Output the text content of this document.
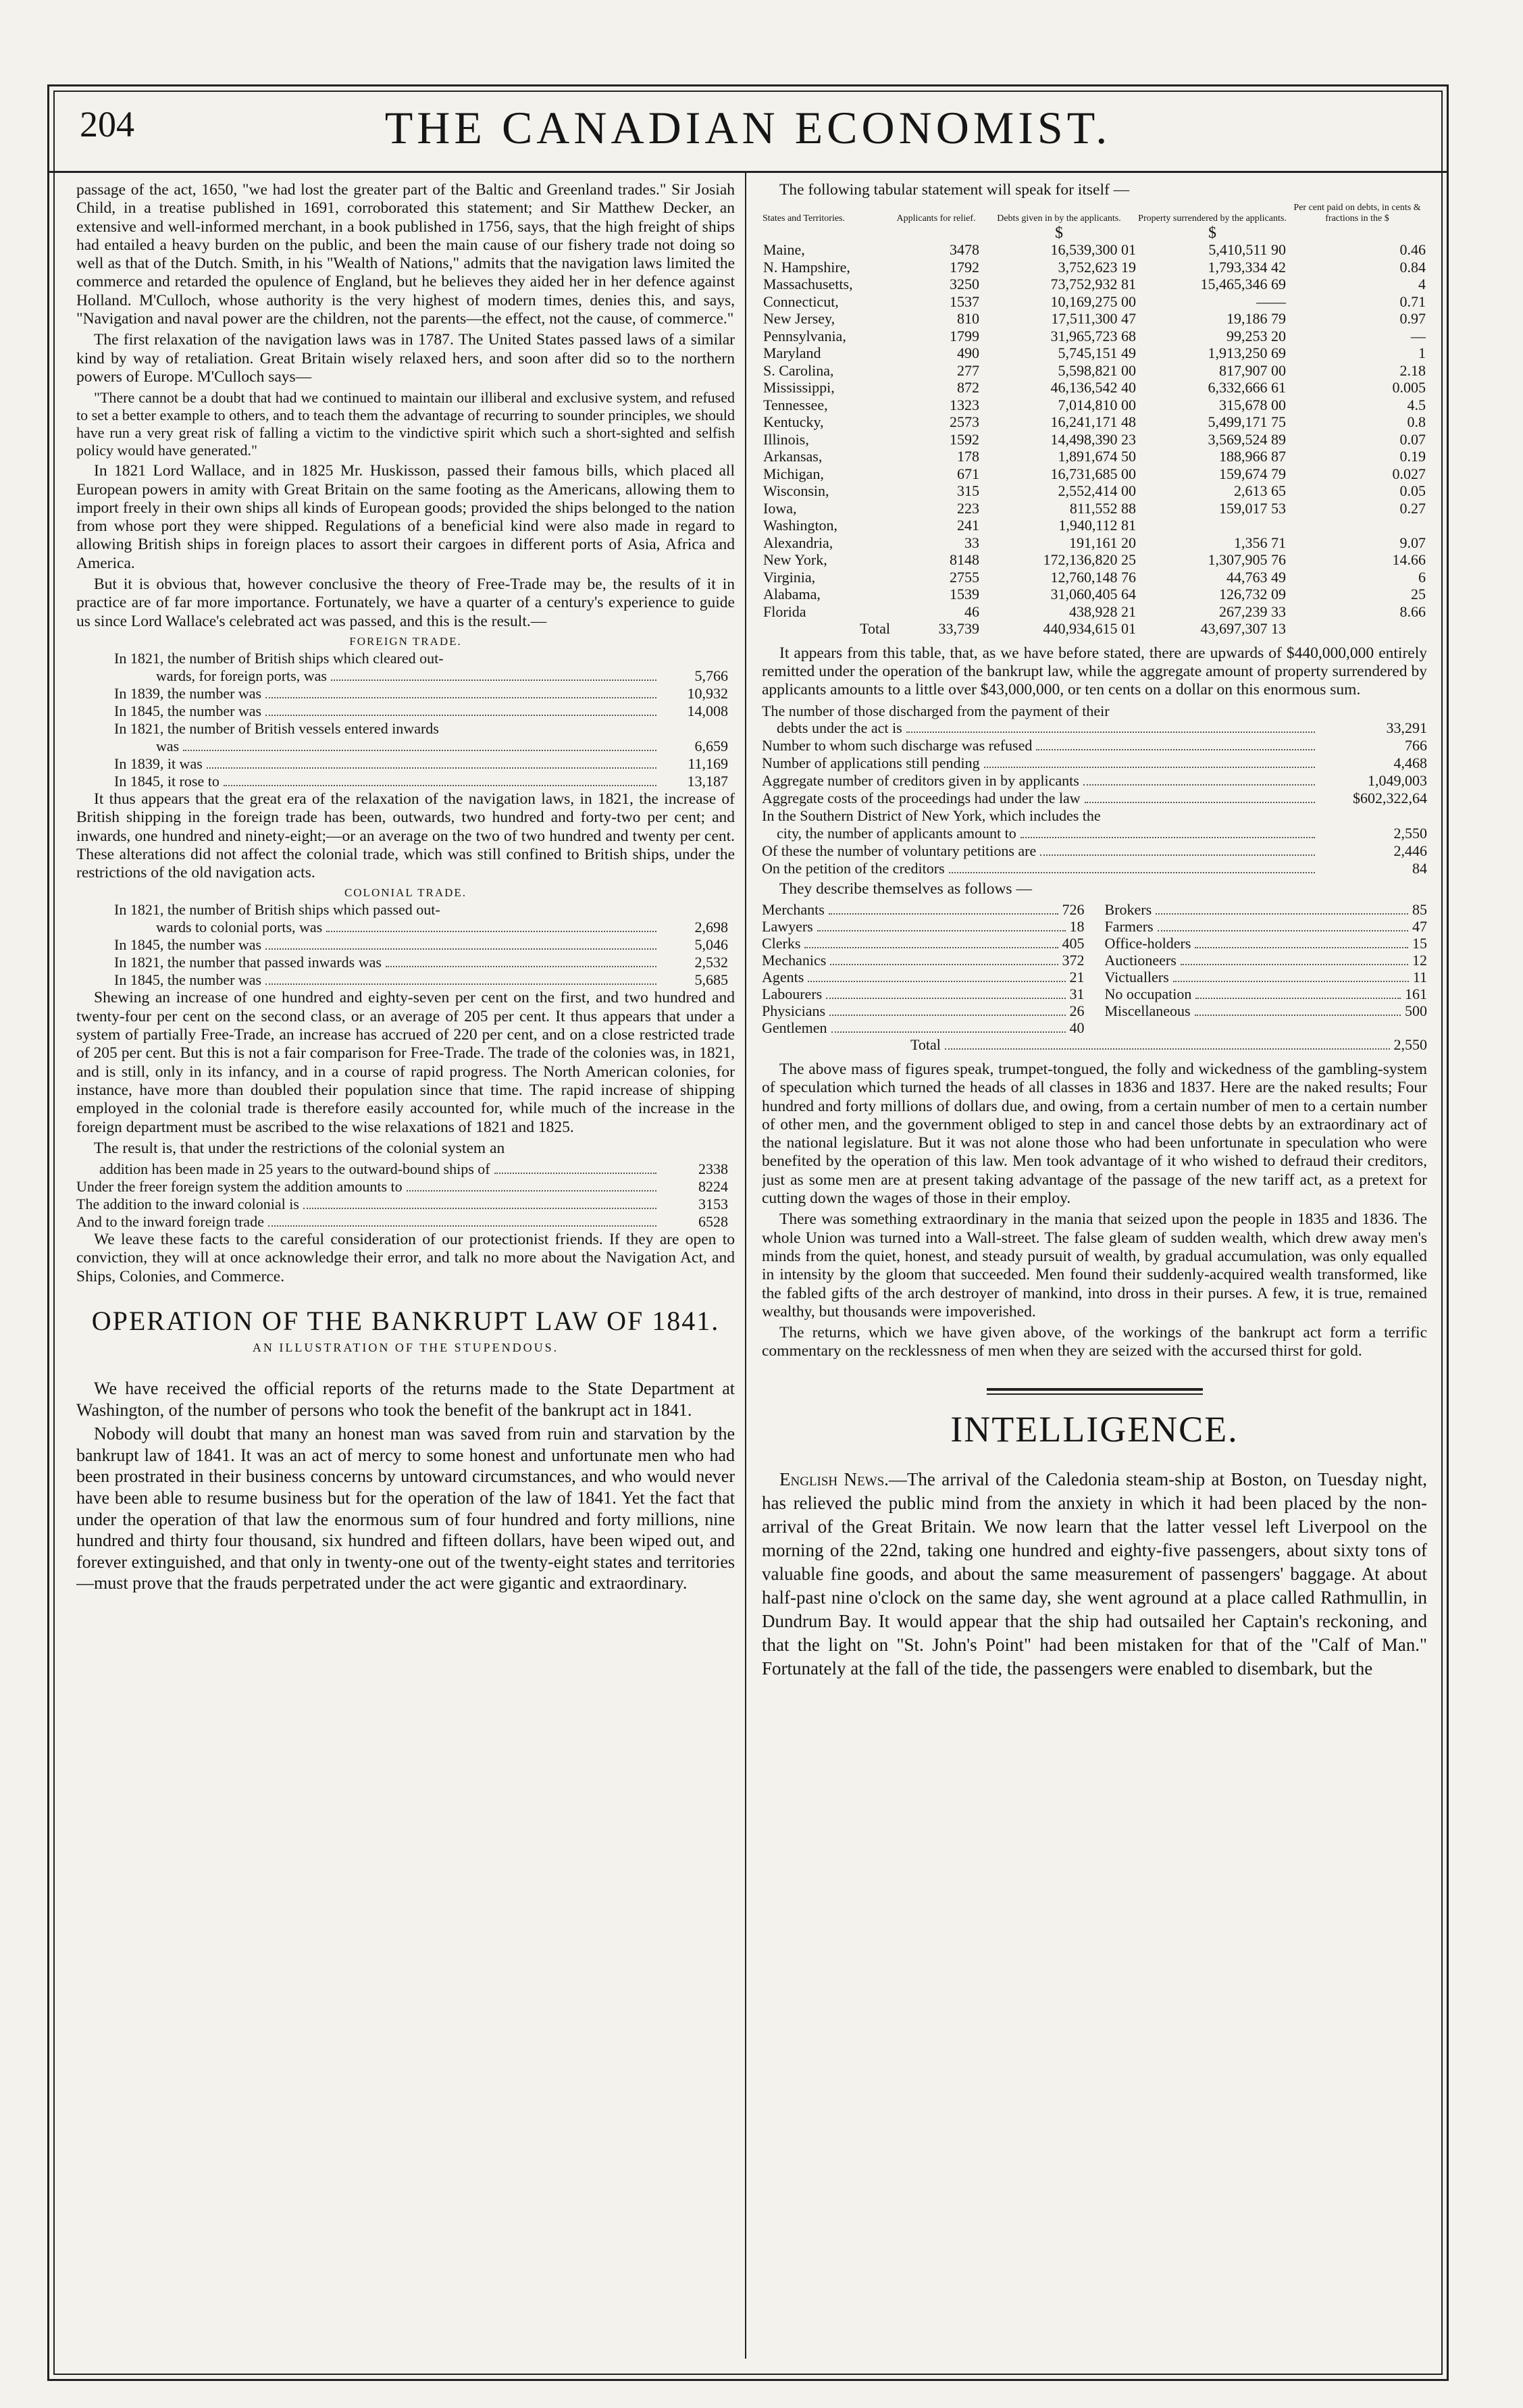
204	THE CANADIAN ECONOMIST.

passage of the act, 1650, "we had lost the greater part of the Baltic and Greenland trades." Sir Josiah Child, in a treatise published in 1691, corroborated this statement; and Sir Matthew Decker, an extensive and well-informed merchant, in a book published in 1756, says, that the high freight of ships had entailed a heavy burden on the public, and been the main cause of our fishery trade not doing so well as that of the Dutch. Smith, in his "Wealth of Nations," admits that the navigation laws limited the commerce and retarded the opulence of England, but he believes they aided her in her defence against Holland. M'Culloch, whose authority is the very highest of modern times, denies this, and says, "Navigation and naval power are the children, not the parents—the effect, not the cause, of commerce."

The first relaxation of the navigation laws was in 1787. The United States passed laws of a similar kind by way of retaliation. Great Britain wisely relaxed hers, and soon after did so to the northern powers of Europe. M'Culloch says—

"There cannot be a doubt that had we continued to maintain our illiberal and exclusive system, and refused to set a better example to others, and to teach them the advantage of recurring to sounder principles, we should have run a very great risk of falling a victim to the vindictive spirit which such a short-sighted and selfish policy would have generated."

In 1821 Lord Wallace, and in 1825 Mr. Huskisson, passed their famous bills, which placed all European powers in amity with Great Britain on the same footing as the Americans, allowing them to import freely in their own ships all kinds of European goods; provided the ships belonged to the nation from whose port they were shipped. Regulations of a beneficial kind were also made in regard to allowing British ships in foreign places to assort their cargoes in different ports of Asia, Africa and America.

But it is obvious that, however conclusive the theory of Free-Trade may be, the results of it in practice are of far more importance. Fortunately, we have a quarter of a century's experience to guide us since Lord Wallace's celebrated act was passed, and this is the result.—

FOREIGN TRADE.
In 1821, the number of British ships which cleared out-
wards, for foreign ports, was	5,766
In 1839, the number was	10,932
In 1845, the number was	14,008
In 1821, the number of British vessels entered inwards
was	6,659
In 1839, it was	11,169
In 1845, it rose to	13,187

It thus appears that the great era of the relaxation of the navigation laws, in 1821, the increase of British shipping in the foreign trade has been, outwards, two hundred and forty-two per cent; and inwards, one hundred and ninety-eight;—or an average on the two of two hundred and twenty per cent. These alterations did not affect the colonial trade, which was still confined to British ships, under the restrictions of the old navigation acts.

COLONIAL TRADE.
In 1821, the number of British ships which passed out-
wards to colonial ports, was	2,698
In 1845, the number was	5,046
In 1821, the number that passed inwards was	2,532
In 1845, the number was	5,685

Shewing an increase of one hundred and eighty-seven per cent on the first, and two hundred and twenty-four per cent on the second class, or an average of 205 per cent. It thus appears that under a system of partially Free-Trade, an increase has accrued of 220 per cent, and on a close restricted trade of 205 per cent. But this is not a fair comparison for Free-Trade. The trade of the colonies was, in 1821, and is still, only in its infancy, and in a course of rapid progress. The North American colonies, for instance, have more than doubled their population since that time. The rapid increase of shipping employed in the colonial trade is therefore easily accounted for, while much of the increase in the foreign department must be ascribed to the wise relaxations of 1821 and 1825.

The result is, that under the restrictions of the colonial system an

addition has been made in 25 years to the outward-bound ships of	2338
Under the freer foreign system the addition amounts to	8224
The addition to the inward colonial is	3153
And to the inward foreign trade	6528

We leave these facts to the careful consideration of our protectionist friends. If they are open to conviction, they will at once acknowledge their error, and talk no more about the Navigation Act, and Ships, Colonies, and Commerce.

OPERATION OF THE BANKRUPT LAW OF 1841.
AN ILLUSTRATION OF THE STUPENDOUS.

We have received the official reports of the returns made to the State Department at Washington, of the number of persons who took the benefit of the bankrupt act in 1841.

Nobody will doubt that many an honest man was saved from ruin and starvation by the bankrupt law of 1841. It was an act of mercy to some honest and unfortunate men who had been prostrated in their business concerns by untoward circumstances, and who would never have been able to resume business but for the operation of the law of 1841. Yet the fact that under the operation of that law the enormous sum of four hundred and forty millions, nine hundred and thirty four thousand, six hundred and fifteen dollars, have been wiped out, and forever extinguished, and that only in twenty-one out of the twenty-eight states and territories—must prove that the frauds perpetrated under the act were gigantic and extraordinary.

The following tabular statement will speak for itself —

States and Territories.	Applicants for relief.	Debts given in by the applicants.	Property surrendered by the applicants.	Per cent paid on debts, in cents & fractions in the $
		$	$	
Maine,	3478	16,539,300 01	5,410,511 90	0.46
N. Hampshire,	1792	3,752,623 19	1,793,334 42	0.84
Massachusetts,	3250	73,752,932 81	15,465,346 69	4
Connecticut,	1537	10,169,275 00	——	0.71
New Jersey,	810	17,511,300 47	19,186 79	0.97
Pennsylvania,	1799	31,965,723 68	99,253 20	—
Maryland	490	5,745,151 49	1,913,250 69	1
S. Carolina,	277	5,598,821 00	817,907 00	2.18
Mississippi,	872	46,136,542 40	6,332,666 61	0.005
Tennessee,	1323	7,014,810 00	315,678 00	4.5
Kentucky,	2573	16,241,171 48	5,499,171 75	0.8
Illinois,	1592	14,498,390 23	3,569,524 89	0.07
Arkansas,	178	1,891,674 50	188,966 87	0.19
Michigan,	671	16,731,685 00	159,674 79	0.027
Wisconsin,	315	2,552,414 00	2,613 65	0.05
Iowa,	223	811,552 88	159,017 53	0.27
Washington,	241	1,940,112 81		
Alexandria,	33	191,161 20	1,356 71	9.07
New York,	8148	172,136,820 25	1,307,905 76	14.66
Virginia,	2755	12,760,148 76	44,763 49	6
Alabama,	1539	31,060,405 64	126,732 09	25
Florida	46	438,928 21	267,239 33	8.66
Total	33,739	440,934,615 01	43,697,307 13	

It appears from this table, that, as we have before stated, there are upwards of $440,000,000 entirely remitted under the operation of the bankrupt law, while the aggregate amount of property surrendered by applicants amounts to a little over $43,000,000, or ten cents on a dollar on this enormous sum.

The number of those discharged from the payment of their
debts under the act is	33,291
Number to whom such discharge was refused	766
Number of applications still pending	4,468
Aggregate number of creditors given in by applicants	1,049,003
Aggregate costs of the proceedings had under the law	$602,322,64
In the Southern District of New York, which includes the
city, the number of applicants amount to	2,550
Of these the number of voluntary petitions are	2,446
On the petition of the creditors	84

They describe themselves as follows —

Merchants	726
Lawyers	18
Clerks	405
Mechanics	372
Agents	21
Labourers	31
Physicians	26
Gentlemen	40
Brokers	85
Farmers	47
Office-holders	15
Auctioneers	12
Victuallers	11
No occupation	161
Miscellaneous	500
Total	2,550

The above mass of figures speak, trumpet-tongued, the folly and wickedness of the gambling-system of speculation which turned the heads of all classes in 1836 and 1837. Here are the naked results; Four hundred and forty millions of dollars due, and owing, from a certain number of men to a certain number of other men, and the government obliged to step in and cancel those debts by an extraordinary act of the national legislature. But it was not alone those who had been unfortunate in speculation who were benefited by the operation of this law. Men took advantage of it who wished to defraud their creditors, just as some men are at present taking advantage of the passage of the new tariff act, as a pretext for cutting down the wages of those in their employ.

There was something extraordinary in the mania that seized upon the people in 1835 and 1836. The whole Union was turned into a Wall-street. The false gleam of sudden wealth, which drew away men's minds from the quiet, honest, and steady pursuit of wealth, by gradual accumulation, was only equalled in intensity by the gloom that succeeded. Men found their suddenly-acquired wealth transformed, like the fabled gifts of the arch destroyer of mankind, into dross in their purses. A few, it is true, remained wealthy, but thousands were impoverished.

The returns, which we have given above, of the workings of the bankrupt act form a terrific commentary on the recklessness of men when they are seized with the accursed thirst for gold.

INTELLIGENCE.

English News.—The arrival of the Caledonia steam-ship at Boston, on Tuesday night, has relieved the public mind from the anxiety in which it had been placed by the non-arrival of the Great Britain. We now learn that the latter vessel left Liverpool on the morning of the 22nd, taking one hundred and eighty-five passengers, about sixty tons of valuable fine goods, and about the same measurement of passengers' baggage. At about half-past nine o'clock on the same day, she went aground at a place called Rathmullin, in Dundrum Bay. It would appear that the ship had outsailed her Captain's reckoning, and that the light on "St. John's Point" had been mistaken for that of the "Calf of Man." Fortunately at the fall of the tide, the passengers were enabled to disembark, but the
